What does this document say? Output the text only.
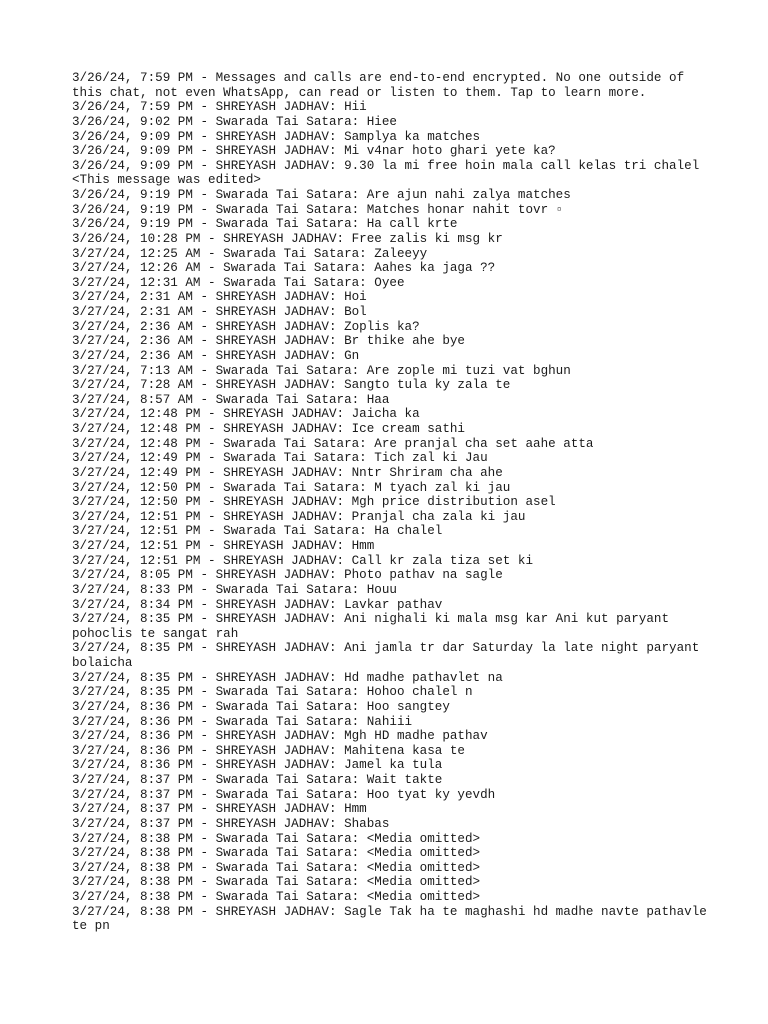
3/26/24, 7:59 PM - Messages and calls are end-to-end encrypted. No one outside of this chat, not even WhatsApp, can read or listen to them. Tap to learn more.
3/26/24, 7:59 PM - SHREYASH JADHAV: Hii
3/26/24, 9:02 PM - Swarada Tai Satara: Hiee
3/26/24, 9:09 PM - SHREYASH JADHAV: Samplya ka matches
3/26/24, 9:09 PM - SHREYASH JADHAV: Mi v4nar hoto ghari yete ka?
3/26/24, 9:09 PM - SHREYASH JADHAV: 9.30 la mi free hoin mala call kelas tri chalel <This message was edited>
3/26/24, 9:19 PM - Swarada Tai Satara: Are ajun nahi zalya matches
3/26/24, 9:19 PM - Swarada Tai Satara: Matches honar nahit tovr ▫
3/26/24, 9:19 PM - Swarada Tai Satara: Ha call krte
3/26/24, 10:28 PM - SHREYASH JADHAV: Free zalis ki msg kr
3/27/24, 12:25 AM - Swarada Tai Satara: Zaleeyy
3/27/24, 12:26 AM - Swarada Tai Satara: Aahes ka jaga ??
3/27/24, 12:31 AM - Swarada Tai Satara: Oyee
3/27/24, 2:31 AM - SHREYASH JADHAV: Hoi
3/27/24, 2:31 AM - SHREYASH JADHAV: Bol
3/27/24, 2:36 AM - SHREYASH JADHAV: Zoplis ka?
3/27/24, 2:36 AM - SHREYASH JADHAV: Br thike ahe bye
3/27/24, 2:36 AM - SHREYASH JADHAV: Gn
3/27/24, 7:13 AM - Swarada Tai Satara: Are zople mi tuzi vat bghun
3/27/24, 7:28 AM - SHREYASH JADHAV: Sangto tula ky zala te
3/27/24, 8:57 AM - Swarada Tai Satara: Haa
3/27/24, 12:48 PM - SHREYASH JADHAV: Jaicha ka
3/27/24, 12:48 PM - SHREYASH JADHAV: Ice cream sathi
3/27/24, 12:48 PM - Swarada Tai Satara: Are pranjal cha set aahe atta
3/27/24, 12:49 PM - Swarada Tai Satara: Tich zal ki Jau
3/27/24, 12:49 PM - SHREYASH JADHAV: Nntr Shriram cha ahe
3/27/24, 12:50 PM - Swarada Tai Satara: M tyach zal ki jau
3/27/24, 12:50 PM - SHREYASH JADHAV: Mgh price distribution asel
3/27/24, 12:51 PM - SHREYASH JADHAV: Pranjal cha zala ki jau
3/27/24, 12:51 PM - Swarada Tai Satara: Ha chalel
3/27/24, 12:51 PM - SHREYASH JADHAV: Hmm
3/27/24, 12:51 PM - SHREYASH JADHAV: Call kr zala tiza set ki
3/27/24, 8:05 PM - SHREYASH JADHAV: Photo pathav na sagle
3/27/24, 8:33 PM - Swarada Tai Satara: Houu
3/27/24, 8:34 PM - SHREYASH JADHAV: Lavkar pathav
3/27/24, 8:35 PM - SHREYASH JADHAV: Ani nighali ki mala msg kar Ani kut paryant pohoclis te sangat rah
3/27/24, 8:35 PM - SHREYASH JADHAV: Ani jamla tr dar Saturday la late night paryant bolaicha
3/27/24, 8:35 PM - SHREYASH JADHAV: Hd madhe pathavlet na
3/27/24, 8:35 PM - Swarada Tai Satara: Hohoo chalel n
3/27/24, 8:36 PM - Swarada Tai Satara: Hoo sangtey
3/27/24, 8:36 PM - Swarada Tai Satara: Nahiii
3/27/24, 8:36 PM - SHREYASH JADHAV: Mgh HD madhe pathav
3/27/24, 8:36 PM - SHREYASH JADHAV: Mahitena kasa te
3/27/24, 8:36 PM - SHREYASH JADHAV: Jamel ka tula
3/27/24, 8:37 PM - Swarada Tai Satara: Wait takte
3/27/24, 8:37 PM - Swarada Tai Satara: Hoo tyat ky yevdh
3/27/24, 8:37 PM - SHREYASH JADHAV: Hmm
3/27/24, 8:37 PM - SHREYASH JADHAV: Shabas
3/27/24, 8:38 PM - Swarada Tai Satara: <Media omitted>
3/27/24, 8:38 PM - Swarada Tai Satara: <Media omitted>
3/27/24, 8:38 PM - Swarada Tai Satara: <Media omitted>
3/27/24, 8:38 PM - Swarada Tai Satara: <Media omitted>
3/27/24, 8:38 PM - Swarada Tai Satara: <Media omitted>
3/27/24, 8:38 PM - SHREYASH JADHAV: Sagle Tak ha te maghashi hd madhe navte pathavle te pn
